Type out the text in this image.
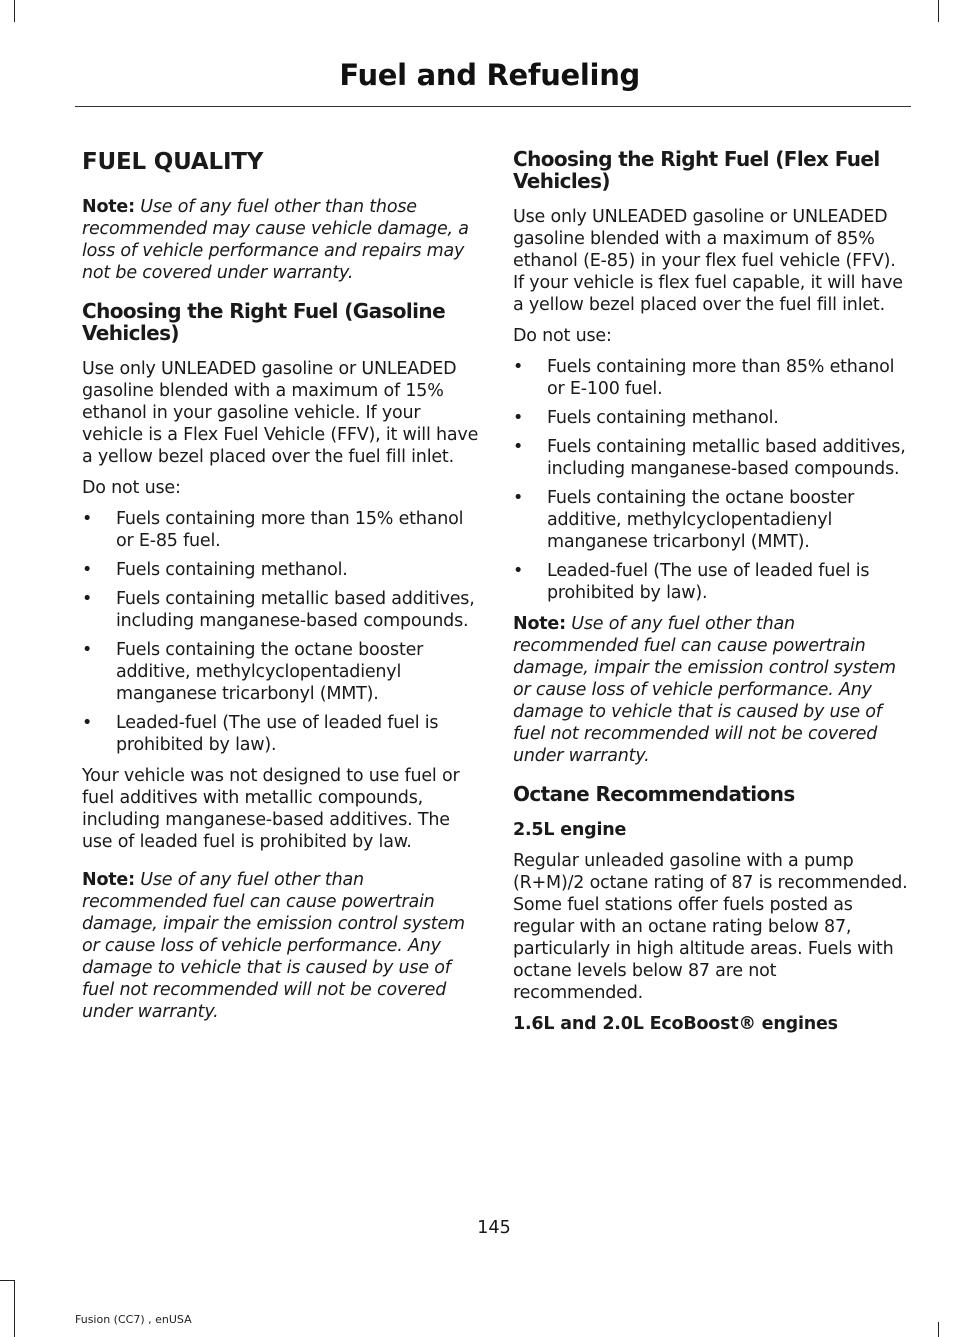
Fuel and Refueling
FUEL QUALITY

Note: Use of any fuel other than those recommended may cause vehicle damage, a loss of vehicle performance and repairs may not be covered under warranty.

Choosing the Right Fuel (Gasoline Vehicles)

Use only UNLEADED gasoline or UNLEADED gasoline blended with a maximum of 15% ethanol in your gasoline vehicle. If your vehicle is a Flex Fuel Vehicle (FFV), it will have a yellow bezel placed over the fuel fill inlet.

Do not use:

• Fuels containing more than 15% ethanol or E-85 fuel.
• Fuels containing methanol.
• Fuels containing metallic based additives, including manganese-based compounds.
• Fuels containing the octane booster additive, methylcyclopentadienyl manganese tricarbonyl (MMT).
• Leaded-fuel (The use of leaded fuel is prohibited by law).

Your vehicle was not designed to use fuel or fuel additives with metallic compounds, including manganese-based additives. The use of leaded fuel is prohibited by law.

Note: Use of any fuel other than recommended fuel can cause powertrain damage, impair the emission control system or cause loss of vehicle performance. Any damage to vehicle that is caused by use of fuel not recommended will not be covered under warranty.

Choosing the Right Fuel (Flex Fuel Vehicles)

Use only UNLEADED gasoline or UNLEADED gasoline blended with a maximum of 85% ethanol (E-85) in your flex fuel vehicle (FFV). If your vehicle is flex fuel capable, it will have a yellow bezel placed over the fuel fill inlet.

Do not use:

• Fuels containing more than 85% ethanol or E-100 fuel.
• Fuels containing methanol.
• Fuels containing metallic based additives, including manganese-based compounds.
• Fuels containing the octane booster additive, methylcyclopentadienyl manganese tricarbonyl (MMT).
• Leaded-fuel (The use of leaded fuel is prohibited by law).

Note: Use of any fuel other than recommended fuel can cause powertrain damage, impair the emission control system or cause loss of vehicle performance. Any damage to vehicle that is caused by use of fuel not recommended will not be covered under warranty.

Octane Recommendations
2.5L engine

Regular unleaded gasoline with a pump (R+M)/2 octane rating of 87 is recommended. Some fuel stations offer fuels posted as regular with an octane rating below 87, particularly in high altitude areas. Fuels with octane levels below 87 are not recommended.

1.6L and 2.0L EcoBoost® engines
145
Fusion (CC7) , enUSA
